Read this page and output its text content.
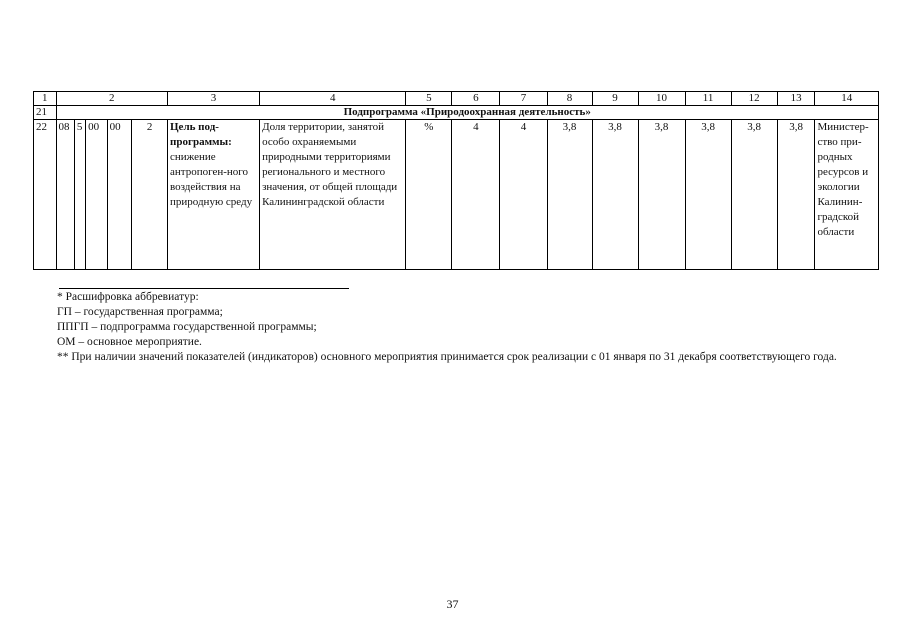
1	2					3	4	5	6	7	8	9	10	11	12	13	14
21	Подпрограмма «Природоохранная деятельность»																
22	08	5	00	00	2	Цель под-программы: снижение антропоген-ного воздействия на природную среду	Доля территории, занятой особо охраняемыми природными территориями регионального и местного значения, от общей площади Калининградской области	%	4	4	3,8	3,8	3,8	3,8	3,8	3,8	Министер-ство при-родных ресурсов и экологии Калинин-градской области
* Расшифровка аббревиатур:
ГП – государственная программа;
ППГП – подпрограмма государственной программы;
ОМ – основное мероприятие.
** При наличии значений показателей (индикаторов) основного мероприятия принимается срок реализации с 01 января по 31 декабря соответствующего года.
37
